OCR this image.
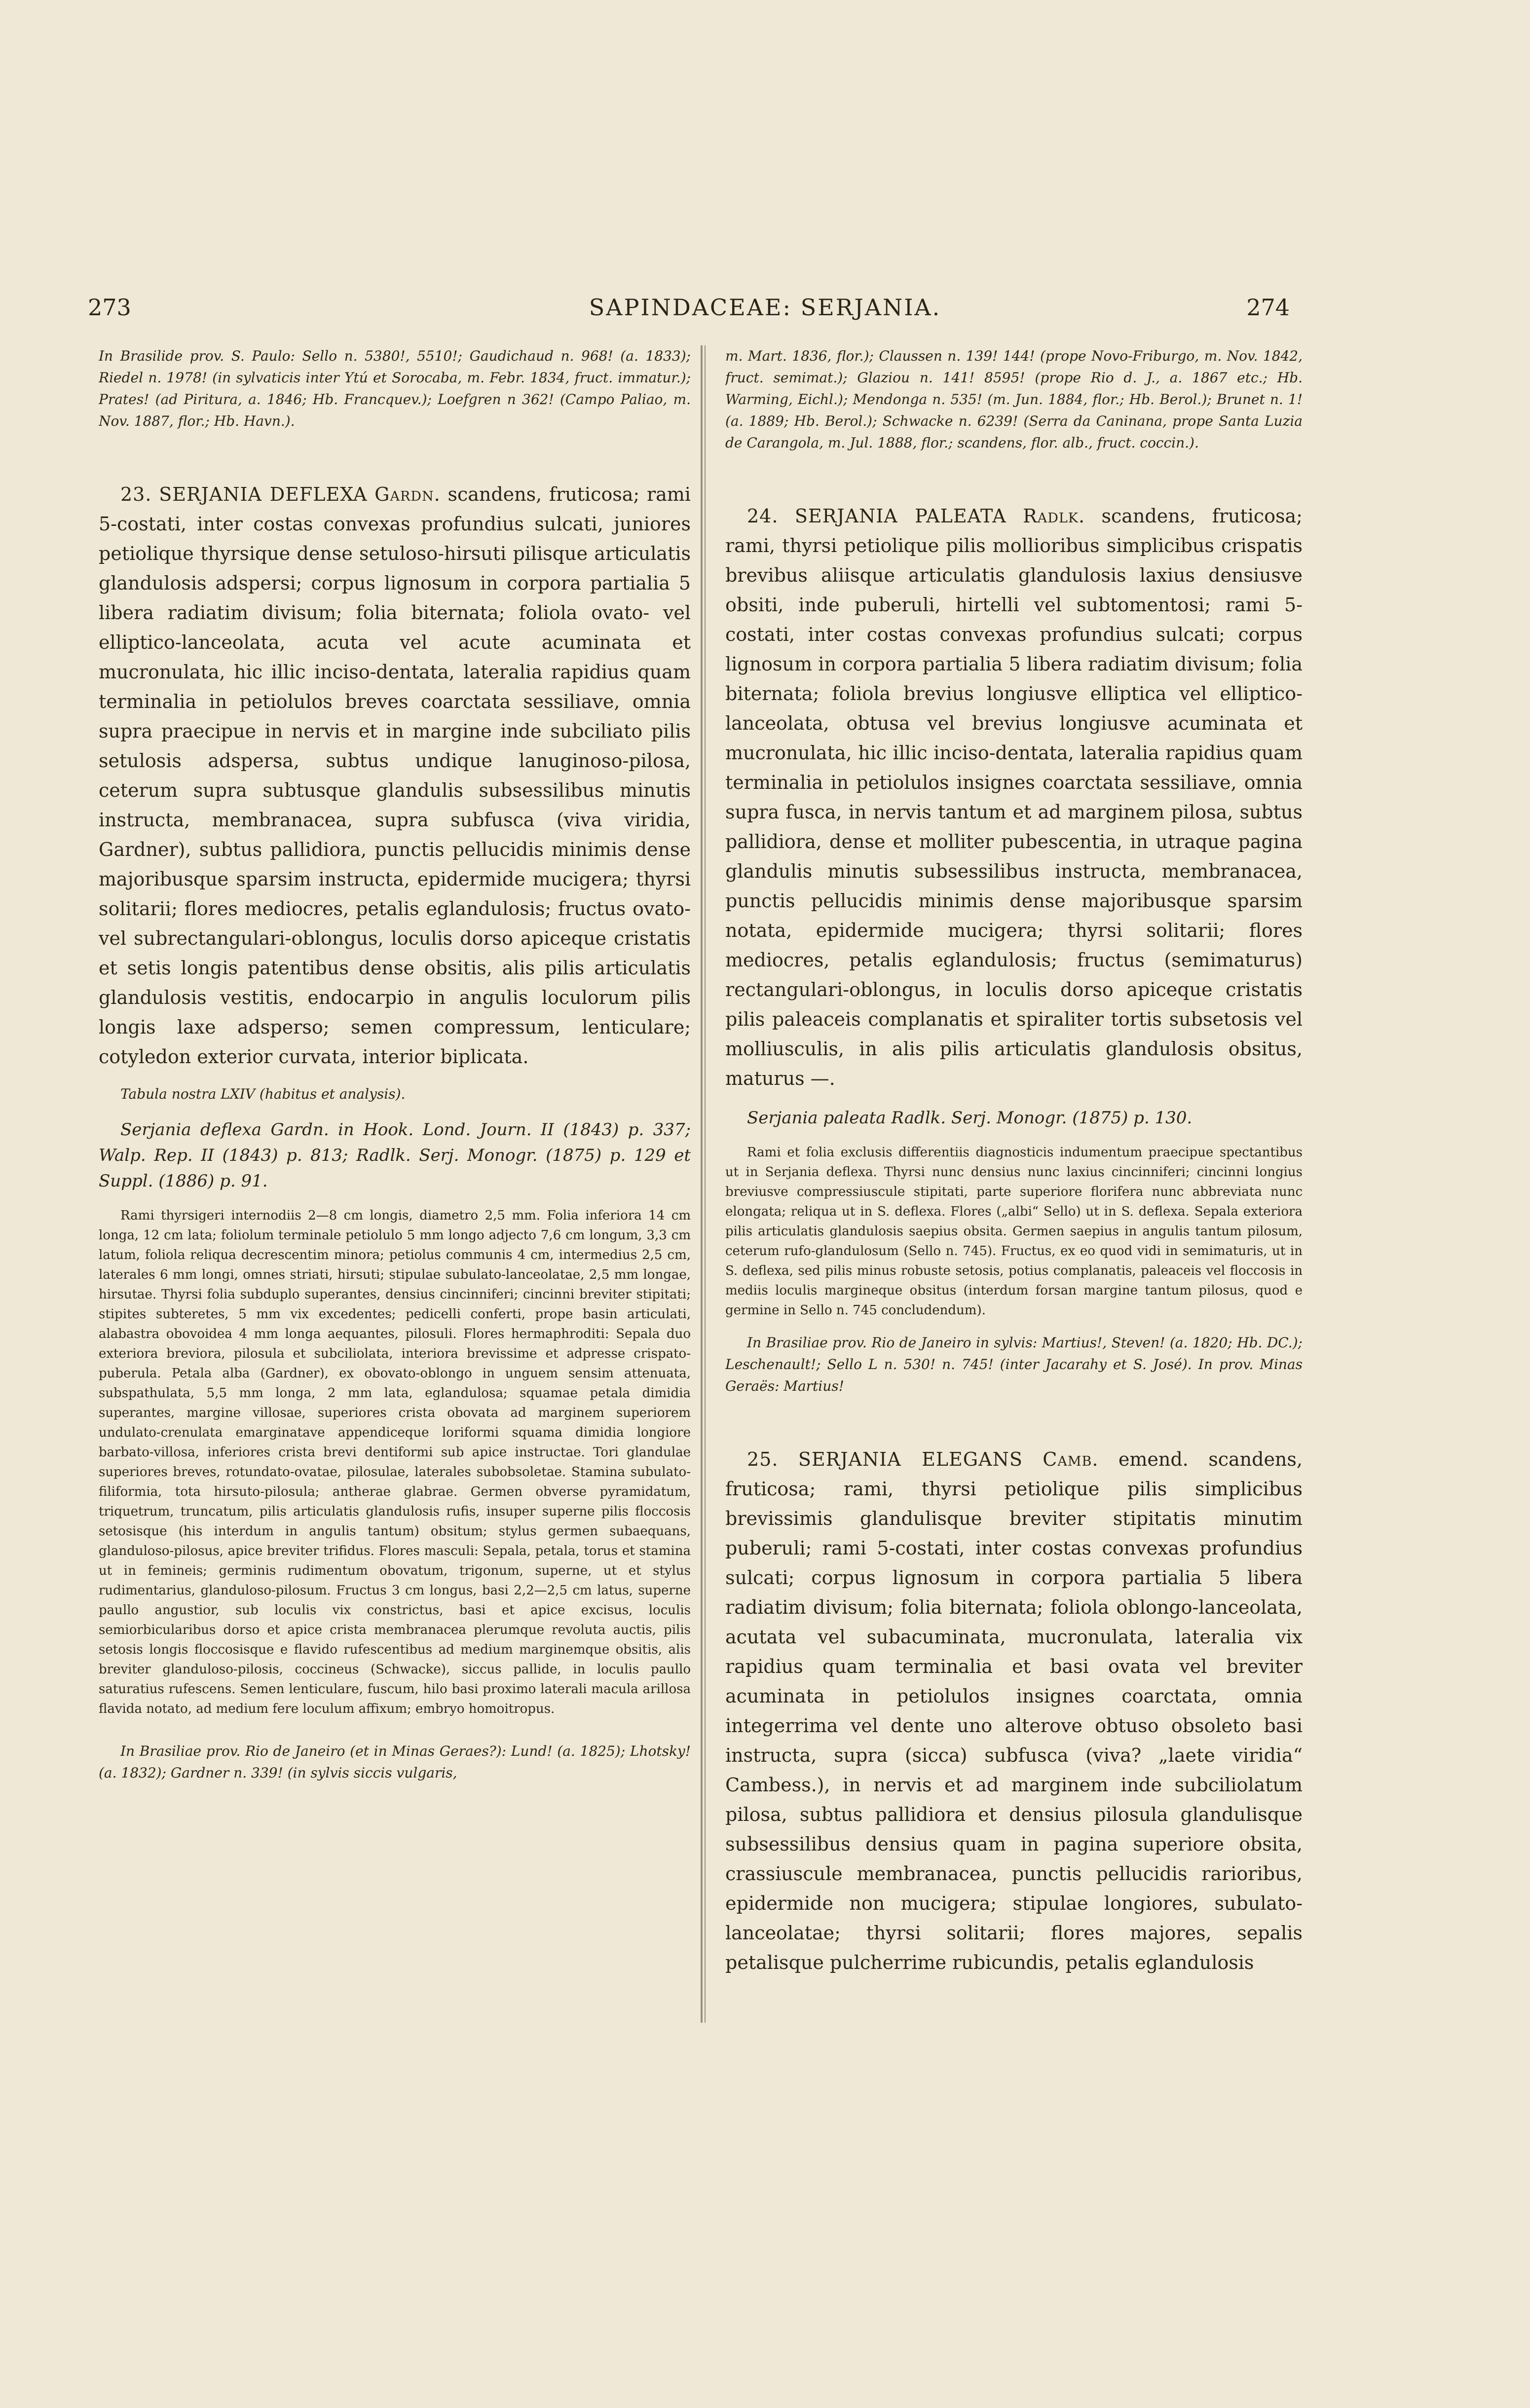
273	SAPINDACEAE: SERJANIA.	274

In Brasilide prov. S. Paulo: Sello n. 5380!, 5510!; Gaudichaud n. 968! (a. 1833); Riedel n. 1978! (in sylvaticis inter Ytú et Sorocaba, m. Febr. 1834, fruct. immatur.); Prates! (ad Piritura, a. 1846; Hb. Francquev.); Loefgren n 362! (Campo Paliao, m. Nov. 1887, flor.; Hb. Havn.).

23. SERJANIA DEFLEXA Gardn. scandens, fruticosa; rami 5-costati, inter costas convexas profundius sulcati, juniores petiolique thyrsique dense setuloso-hirsuti pilisque articulatis glandulosis adspersi; corpus lignosum in corpora partialia 5 libera radiatim divisum; folia biternata; foliola ovato- vel elliptico-lanceolata, acuta vel acute acuminata et mucronulata, hic illic inciso-dentata, lateralia rapidius quam terminalia in petiolulos breves coarctata sessiliave, omnia supra praecipue in nervis et in margine inde subciliato pilis setulosis adspersa, subtus undique lanuginoso-pilosa, ceterum supra subtusque glandulis subsessilibus minutis instructa, membranacea, supra subfusca (viva viridia, Gardner), subtus pallidiora, punctis pellucidis minimis dense majoribusque sparsim instructa, epidermide mucigera; thyrsi solitarii; flores mediocres, petalis eglandulosis; fructus ovato- vel subrectangulari-oblongus, loculis dorso apiceque cristatis et setis longis patentibus dense obsitis, alis pilis articulatis glandulosis vestitis, endocarpio in angulis loculorum pilis longis laxe adsperso; semen compressum, lenticulare; cotyledon exterior curvata, interior biplicata.

Tabula nostra LXIV (habitus et analysis).

Serjania deflexa Gardn. in Hook. Lond. Journ. II (1843) p. 337; Walp. Rep. II (1843) p. 813; Radlk. Serj. Monogr. (1875) p. 129 et Suppl. (1886) p. 91.

Rami thyrsigeri internodiis 2—8 cm longis, diametro 2,5 mm. Folia inferiora 14 cm longa, 12 cm lata; foliolum terminale petiolulo 5 mm longo adjecto 7,6 cm longum, 3,3 cm latum, foliola reliqua decrescentim minora; petiolus communis 4 cm, intermedius 2,5 cm, laterales 6 mm longi, omnes striati, hirsuti; stipulae subulato-lanceolatae, 2,5 mm longae, hirsutae. Thyrsi folia subduplo superantes, densius cincinniferi; cincinni breviter stipitati; stipites subteretes, 5 mm vix excedentes; pedicelli conferti, prope basin articulati, alabastra obovoidea 4 mm longa aequantes, pilosuli. Flores hermaphroditi: Sepala duo exteriora breviora, pilosula et subciliolata, interiora brevissime et adpresse crispato-puberula. Petala alba (Gardner), ex obovato-oblongo in unguem sensim attenuata, subspathulata, 5,5 mm longa, 2 mm lata, eglandulosa; squamae petala dimidia superantes, margine villosae, superiores crista obovata ad marginem superiorem undulato-crenulata emarginatave appendiceque loriformi squama dimidia longiore barbato-villosa, inferiores crista brevi dentiformi sub apice instructae. Tori glandulae superiores breves, rotundato-ovatae, pilosulae, laterales subobsoletae. Stamina subulato-filiformia, tota hirsuto-pilosula; antherae glabrae. Germen obverse pyramidatum, triquetrum, truncatum, pilis articulatis glandulosis rufis, insuper superne pilis floccosis setosisque (his interdum in angulis tantum) obsitum; stylus germen subaequans, glanduloso-pilosus, apice breviter trifidus. Flores masculi: Sepala, petala, torus et stamina ut in femineis; germinis rudimentum obovatum, trigonum, superne, ut et stylus rudimentarius, glanduloso-pilosum. Fructus 3 cm longus, basi 2,2—2,5 cm latus, superne paullo angustior, sub loculis vix constrictus, basi et apice excisus, loculis semiorbicularibus dorso et apice crista membranacea plerumque revoluta auctis, pilis setosis longis floccosisque e flavido rufescentibus ad medium marginemque obsitis, alis breviter glanduloso-pilosis, coccineus (Schwacke), siccus pallide, in loculis paullo saturatius rufescens. Semen lenticulare, fuscum, hilo basi proximo laterali macula arillosa flavida notato, ad medium fere loculum affixum; embryo homoitropus.

In Brasiliae prov. Rio de Janeiro (et in Minas Geraes?): Lund! (a. 1825); Lhotsky! (a. 1832); Gardner n. 339! (in sylvis siccis vulgaris,

m. Mart. 1836, flor.); Claussen n. 139! 144! (prope Novo-Friburgo, m. Nov. 1842, fruct. semimat.); Glaziou n. 141! 8595! (prope Rio d. J., a. 1867 etc.; Hb. Warming, Eichl.); Mendonga n. 535! (m. Jun. 1884, flor.; Hb. Berol.); Brunet n. 1! (a. 1889; Hb. Berol.); Schwacke n. 6239! (Serra da Caninana, prope Santa Luzia de Carangola, m. Jul. 1888, flor.; scandens, flor. alb., fruct. coccin.).

24. SERJANIA PALEATA Radlk. scandens, fruticosa; rami, thyrsi petiolique pilis mollioribus simplicibus crispatis brevibus aliisque articulatis glandulosis laxius densiusve obsiti, inde puberuli, hirtelli vel subtomentosi; rami 5-costati, inter costas convexas profundius sulcati; corpus lignosum in corpora partialia 5 libera radiatim divisum; folia biternata; foliola brevius longiusve elliptica vel elliptico-lanceolata, obtusa vel brevius longiusve acuminata et mucronulata, hic illic inciso-dentata, lateralia rapidius quam terminalia in petiolulos insignes coarctata sessiliave, omnia supra fusca, in nervis tantum et ad marginem pilosa, subtus pallidiora, dense et molliter pubescentia, in utraque pagina glandulis minutis subsessilibus instructa, membranacea, punctis pellucidis minimis dense majoribusque sparsim notata, epidermide mucigera; thyrsi solitarii; flores mediocres, petalis eglandulosis; fructus (semimaturus) rectangulari-oblongus, in loculis dorso apiceque cristatis pilis paleaceis complanatis et spiraliter tortis subsetosis vel molliusculis, in alis pilis articulatis glandulosis obsitus, maturus —.

Serjania paleata Radlk. Serj. Monogr. (1875) p. 130.

Rami et folia exclusis differentiis diagnosticis indumentum praecipue spectantibus ut in Serjania deflexa. Thyrsi nunc densius nunc laxius cincinniferi; cincinni longius breviusve compressiuscule stipitati, parte superiore florifera nunc abbreviata nunc elongata; reliqua ut in S. deflexa. Flores („albi“ Sello) ut in S. deflexa. Sepala exteriora pilis articulatis glandulosis saepius obsita. Germen saepius in angulis tantum pilosum, ceterum rufo-glandulosum (Sello n. 745). Fructus, ex eo quod vidi in semimaturis, ut in S. deflexa, sed pilis minus robuste setosis, potius complanatis, paleaceis vel floccosis in mediis loculis margineque obsitus (interdum forsan margine tantum pilosus, quod e germine in Sello n. 745 concludendum).

In Brasiliae prov. Rio de Janeiro in sylvis: Martius!, Steven! (a. 1820; Hb. DC.); Leschenault!; Sello L n. 530! n. 745! (inter Jacarahy et S. José). In prov. Minas Geraës: Martius!

25. SERJANIA ELEGANS Camb. emend. scandens, fruticosa; rami, thyrsi petiolique pilis simplicibus brevissimis glandulisque breviter stipitatis minutim puberuli; rami 5-costati, inter costas convexas profundius sulcati; corpus lignosum in corpora partialia 5 libera radiatim divisum; folia biternata; foliola oblongo-lanceolata, acutata vel subacuminata, mucronulata, lateralia vix rapidius quam terminalia et basi ovata vel breviter acuminata in petiolulos insignes coarctata, omnia integerrima vel dente uno alterove obtuso obsoleto basi instructa, supra (sicca) subfusca (viva? „laete viridia“ Cambess.), in nervis et ad marginem inde subciliolatum pilosa, subtus pallidiora et densius pilosula glandulisque subsessilibus densius quam in pagina superiore obsita, crassiuscule membranacea, punctis pellucidis rarioribus, epidermide non mucigera; stipulae longiores, subulato-lanceolatae; thyrsi solitarii; flores majores, sepalis petalisque pulcherrime rubicundis, petalis eglandulosis
